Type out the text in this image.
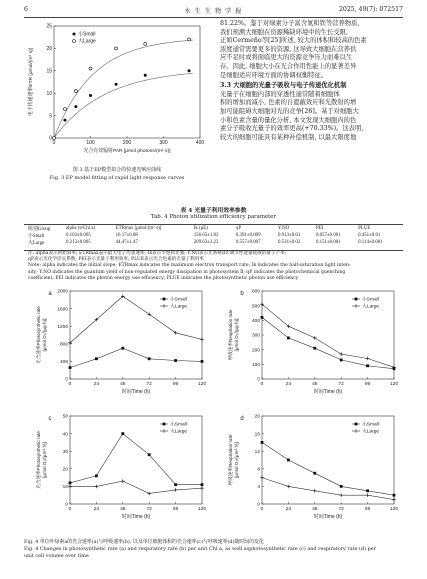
6	水 生 生 物 学 报	2025, 49(7): 072517
0	100	200	300	400
0
5
10
15
20
25
光合有效辐射PAR [μmol photons/(m²·s)]
电子传递速率ETR [μmol/(m²·s)]
小Small
大Large
图 3 基于EP模型拟合的快速光响应曲线
Fig. 3 EP model fitting of rapid light response curves
81.22%。鉴于对绿素分子富含氮和铁等营养物质,
我们预测大细胞在资源稀缺环境中的生长受限,
正如Cermeño等[25]所述, 较大的体积和较高的色素
浓度通常需要更多的资源, 这导致大细胞在营养供
应不足时或将面临更大的资源竞争压力而难以生
存。因此, 细胞大小在光合作用性能上的显著差异
是细胞适应环境方面的协调权衡特征。
3.3 大细胞的光量子吸收与电子传递优化机制
光量子在细胞内部的穿透性通常随着细胞体
积的增加而减小, 色素的自遮蔽效应和光散射的增
加可能阻碍大细胞对光的竞争[26]。基于对细胞大
小和色素含量的量化分析, 本文发现大细胞内的色
素分子吸收光量子的效率更高(+70.33%)。这表明,
较大的细胞可能具有某种补偿机制, 以最大限度地
表 4 光量子利用效率参数
Tab. 4 Photon utilization efficiency parameter
组别Group	alpha (e/Chl a)	ETRmax [μmol/(m²·s)]	Ik (μE)	qP	Y.NO	PEI	PLUE

小Small	0.103±0.005	16.17±0.88	156.65±1.83	0.391±0.009	0.913±0.01	0.057±0.001	0.451±0.01
大Large	0.212±0.005	44.47±1.47	209.63±3.23	0.557±0.007	0.531±0.02	0.151±0.001	0.114±0.001
注: alpha表示初始斜率; ETRmax表示最大电子传递速率; Ik表示半饱和光强; Y.NO表示光系统Ⅱ非调节性能量耗散的量子产率;
qP表示光化学淬灭系数; PEI表示光量子利用效率; PLUE表示光合色素的光量子利用率
Note: alpha indicates the initial slope; ETRmax indicates the maximum electron transport rate; Ik indicates the half-saturation light inten-
sity; Y.NO indicates the quantum yield of non-regulated energy dissipation in photosystem Ⅱ; qP indicates the photochemical quenching
coefficient; PEI indicates the photon energy use efficiency; PLUE indicates the photosynthetic photon use efficiency
a
0
400
800
1200
1600
2000
0	24	48	72	96	120
时间Time (h)
光合速率Photosynthetic rate [μmol O₂/(μg·h)]
小Small
大Large
b
0
100
200
300
400
500
600
0	24	48	72	96	120
时间Time (h)
呼吸速率Respiration rate [μmol O₂/(μg·h)]
小Small
大Large
c
0
10
20
30
40
50
0	24	48	72	96	120
时间Time (h)
光合速率Photosynthetic rate [μmol O₂/(μm³·h)]
小Small
大Large
d
0
4
8
12
16
20
0	24	48	72	96	120
时间Time (h)
呼吸速率Respiration rate [μmol O₂/(μm³·h)]
小Small
大Large
Fig. 4 单位叶绿素a的光合速率(a)与呼吸速率(b), 以及单位细胞体积的光合速率(c)与呼吸速率(d)随时间的变化
Fig. 4 Changes in photosynthetic rate (a) and respiratory rate (b) per unit Chl a, as well asphotosynthetic rate (c) and respiratory rate (d) per
unit cell volume over time
